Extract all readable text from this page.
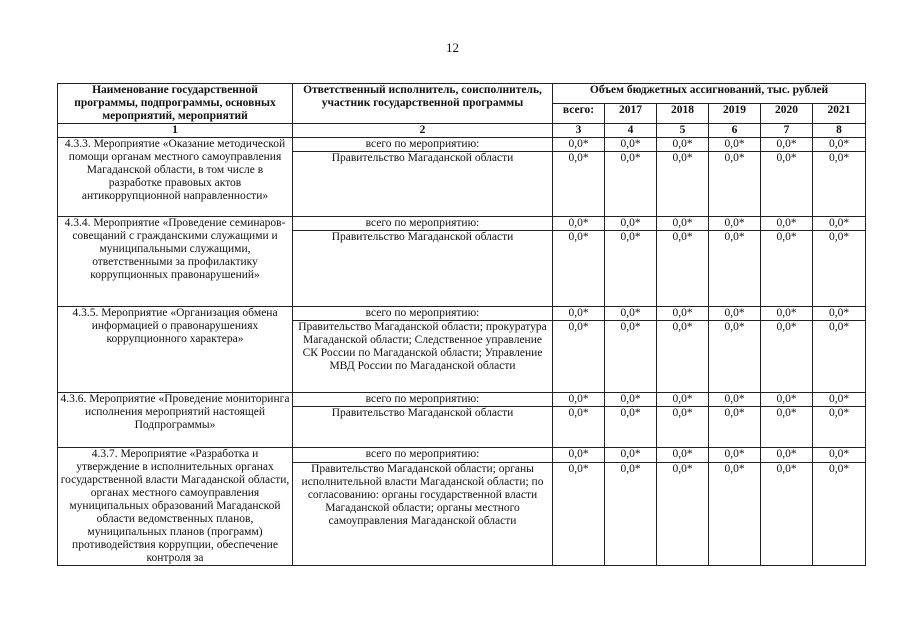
12
Наименование государственной программы, подпрограммы, основных мероприятий, мероприятий	Ответственный исполнитель, соисполнитель, участник государственной программы	Объем бюджетных ассигнований, тыс. рублей					
		всего:	2017	2018	2019	2020	2021
1	2	3	4	5	6	7	8
4.3.3. Мероприятие «Оказание методической помощи органам местного самоуправления Магаданской области, в том числе в разработке правовых актов антикоррупционной направленности»	всего по мероприятию:	0,0*	0,0*	0,0*	0,0*	0,0*	0,0*
	Правительство Магаданской области	0,0*	0,0*	0,0*	0,0*	0,0*	0,0*
4.3.4. Мероприятие «Проведение семинаров-совещаний с гражданскими служащими и муниципальными служащими, ответственными за профилактику коррупционных правонарушений»	всего по мероприятию:	0,0*	0,0*	0,0*	0,0*	0,0*	0,0*
	Правительство Магаданской области	0,0*	0,0*	0,0*	0,0*	0,0*	0,0*
4.3.5. Мероприятие «Организация обмена информацией о правонарушениях коррупционного характера»	всего по мероприятию:	0,0*	0,0*	0,0*	0,0*	0,0*	0,0*
	Правительство Магаданской области; прокуратура Магаданской области; Следственное управление СК России по Магаданской области; Управление МВД России по Магаданской области	0,0*	0,0*	0,0*	0,0*	0,0*	0,0*
4.3.6. Мероприятие «Проведение мониторинга исполнения мероприятий настоящей Подпрограммы»	всего по мероприятию:	0,0*	0,0*	0,0*	0,0*	0,0*	0,0*
	Правительство Магаданской области	0,0*	0,0*	0,0*	0,0*	0,0*	0,0*
4.3.7. Мероприятие «Разработка и утверждение в исполнительных органах государственной власти Магаданской области, органах местного самоуправления муниципальных образований Магаданской области ведомственных планов, муниципальных планов (программ) противодействия коррупции, обеспечение контроля за	всего по мероприятию:	0,0*	0,0*	0,0*	0,0*	0,0*	0,0*
	Правительство Магаданской области; органы исполнительной власти Магаданской области; по согласованию: органы государственной власти Магаданской области; органы местного самоуправления Магаданской области	0,0*	0,0*	0,0*	0,0*	0,0*	0,0*
